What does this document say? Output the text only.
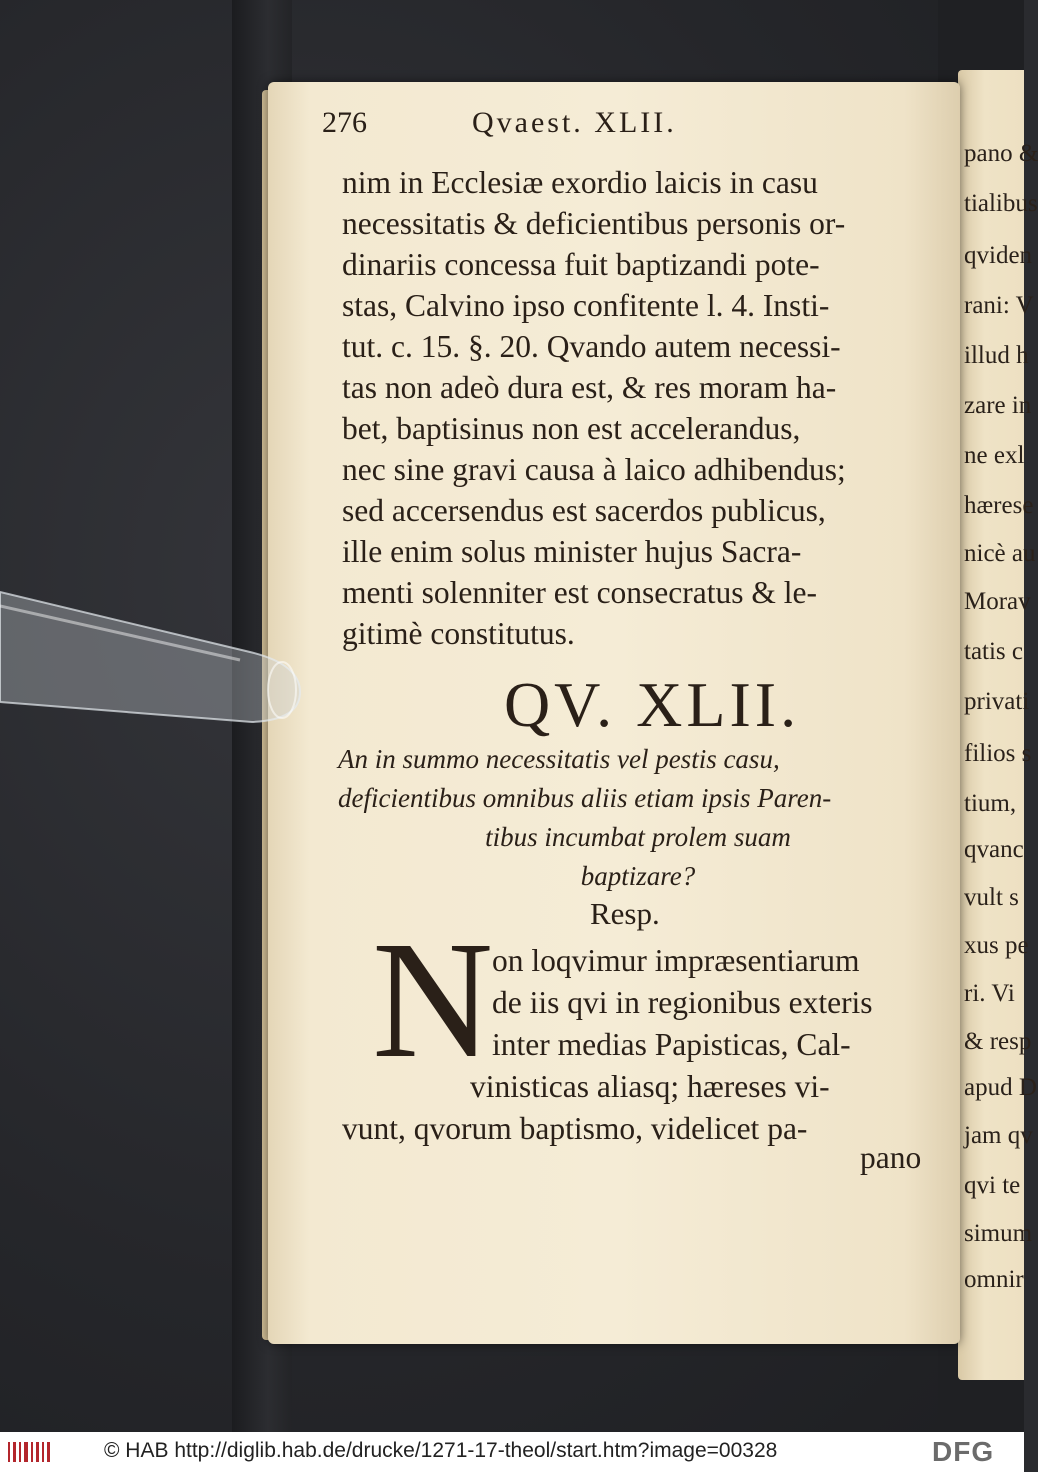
pano &
tialibus
qviden
rani: V
illud h
zare in
ne exl
hærese
nicè au
Morav
tatis c
privati
filios s
tium,
qvanc
vult s
xus pe
ri. Vi
& resp
apud D
jam qv
qvi te
simum
omnir
276	Qvaest. XLII.
nim in Ecclesiæ exordio laicis in casu
necessitatis & deficientibus personis or-
dinariis concessa fuit baptizandi pote-
stas, Calvino ipso confitente l. 4. Insti-
tut. c. 15. §. 20. Qvando autem necessi-
tas non adeò dura est, & res moram ha-
bet, baptisinus non est accelerandus,
nec sine gravi causa à laico adhibendus;
sed accersendus est sacerdos publicus,
ille enim solus minister hujus Sacra-
menti solenniter est consecratus & le-
gitimè constitutus.
QV. XLII.
An in summo necessitatis vel pestis casu,
deficientibus omnibus aliis etiam ipsis Paren-
tibus incumbat prolem suam
baptizare?
Resp.
N
on loqvimur impræsentiarum
de iis qvi in regionibus exteris
inter medias Papisticas, Cal-
vinisticas aliasq; hæreses vi-
vunt, qvorum baptismo, videlicet pa-
pano
© HAB http://diglib.hab.de/drucke/1271-17-theol/start.htm?image=00328	DFG
